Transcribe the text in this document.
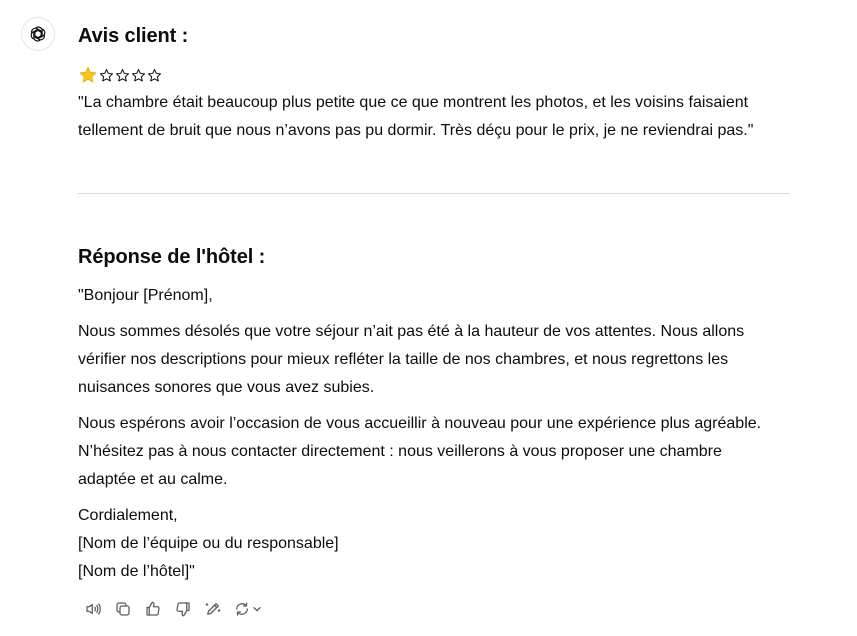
Avis client :

"La chambre était beaucoup plus petite que ce que montrent les photos, et les voisins faisaient tellement de bruit que nous n’avons pas pu dormir. Très déçu pour le prix, je ne reviendrai pas."

Réponse de l'hôtel :

"Bonjour [Prénom],

Nous sommes désolés que votre séjour n’ait pas été à la hauteur de vos attentes. Nous allons vérifier nos descriptions pour mieux refléter la taille de nos chambres, et nous regrettons les nuisances sonores que vous avez subies.

Nous espérons avoir l’occasion de vous accueillir à nouveau pour une expérience plus agréable. N’hésitez pas à nous contacter directement : nous veillerons à vous proposer une chambre adaptée et au calme.

Cordialement,
[Nom de l’équipe ou du responsable]
[Nom de l’hôtel]"
